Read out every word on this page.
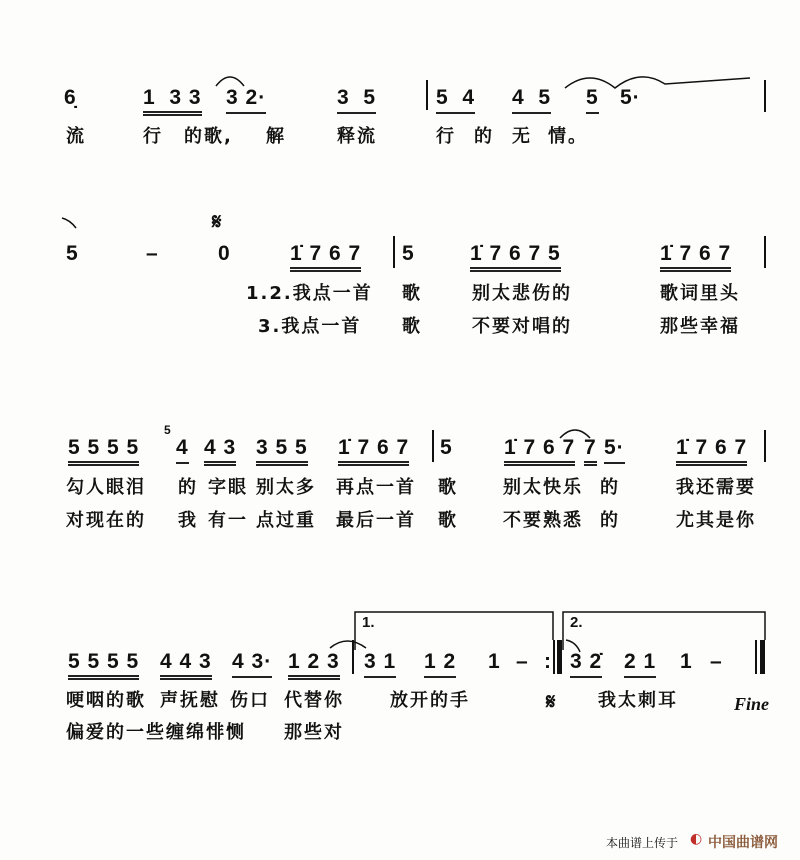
6̣	1  3 3 3 2·	3  5	5  4 4  5 5 5·
流	行 的歌, 解	释流	行 的 无 情。
𝄋
5	–	0	1̇ 7 6 7 5	1̇ 7 6 7 5	1̇ 7 6 7
1.2.我点一首 歌	别太悲伤的	歌词里头
3.我点一首 歌	不要对唱的	那些幸福
5
5 5 5 5 4 4 3 3 5 5 1̇ 7 6 7 5 1̇ 7 6 7 7 5· 1̇ 7 6 7
勾人眼泪 的 字眼 别太多 再点一首 歌	别太快乐 的	我还需要
对现在的 我 有一 点过重 最后一首 歌	不要熟悉 的	尤其是你
1.	2.
5 5 5 5 4 4 3 4 3· 1 2 3 3 1 1 2 1 – : 3 2̇ 2 1 1 –
哽咽的歌 声抚慰 伤口 代替你	放开的手	𝄋 我太刺耳	Fine
偏爱的一些缠绵悱恻 那些对
本曲谱上传于 ◐ 中国曲谱网
